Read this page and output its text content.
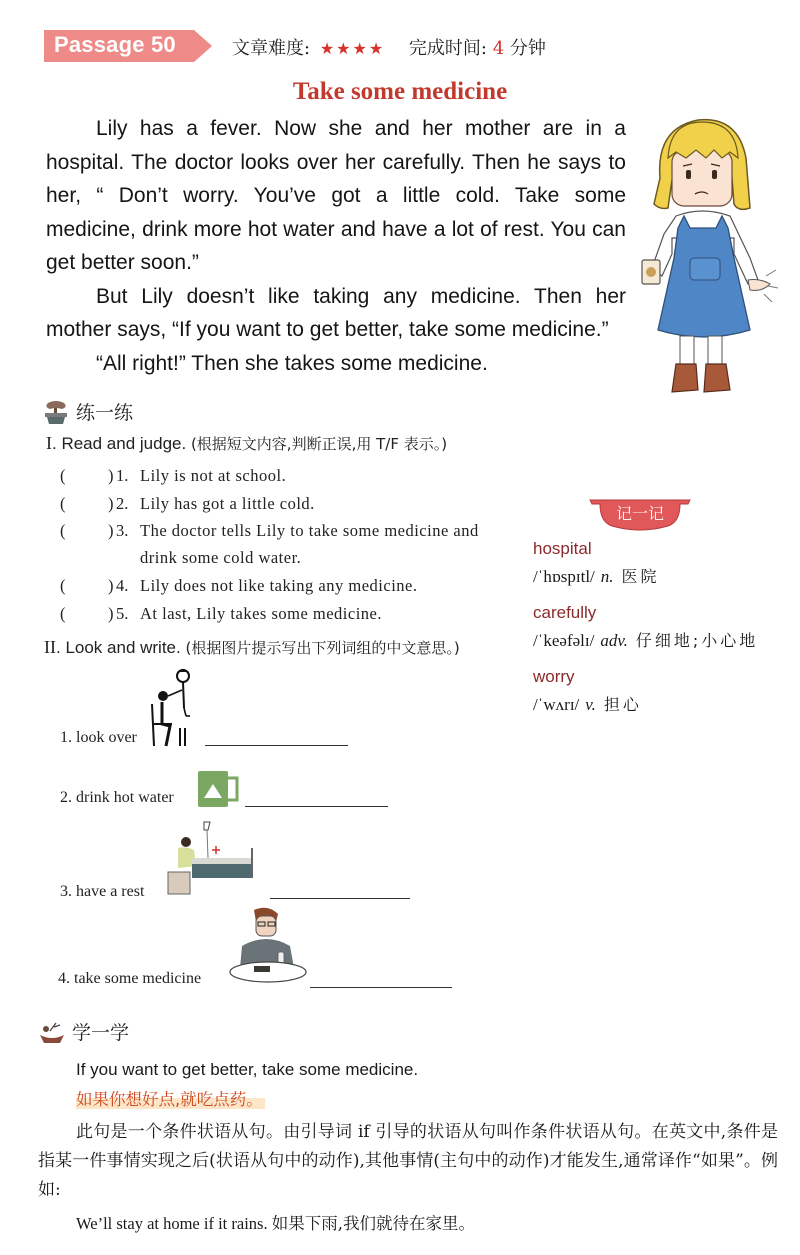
Passage 50	文章难度: ★★★★ 完成时间: 4 分钟
Take some medicine

Lily has a fever. Now she and her mother are in a hospital. The doctor looks over her carefully. Then he says to her, “ Don’t worry. You’ve got a little cold. Take some medicine, drink more hot water and have a lot of rest. You can get better soon.”

But Lily doesn’t like taking any medicine. Then her mother says, “If you want to get better, take some medicine.”

“All right!” Then she takes some medicine.

练一练
I. Read and judge. (根据短文内容,判断正误,用 T/F 表示。)
(	) 1. Lily is not at school.
(	) 2. Lily has got a little cold.
(	) 3. The doctor tells Lily to take some medicine and drink some cold water.
(	) 4. Lily does not like taking any medicine.
(	) 5. At last, Lily takes some medicine.
记一记
hospital
/ˈhɒspɪtl/ n. 医院
carefully
/ˈkeəfəlɪ/ adv. 仔细地;小心地
worry
/ˈwʌrɪ/ v. 担心
II. Look and write. (根据图片提示写出下列词组的中文意思。)
1. look over
2. drink hot water
3. have a rest
4. take some medicine
学一学
If you want to get better, take some medicine.
如果你想好点,就吃点药。

此句是一个条件状语从句。由引导词 if 引导的状语从句叫作条件状语从句。在英文中,条件是指某一件事情实现之后(状语从句中的动作),其他事情(主句中的动作)才能发生,通常译作“如果”。例如:

We’ll stay at home if it rains. 如果下雨,我们就待在家里。
